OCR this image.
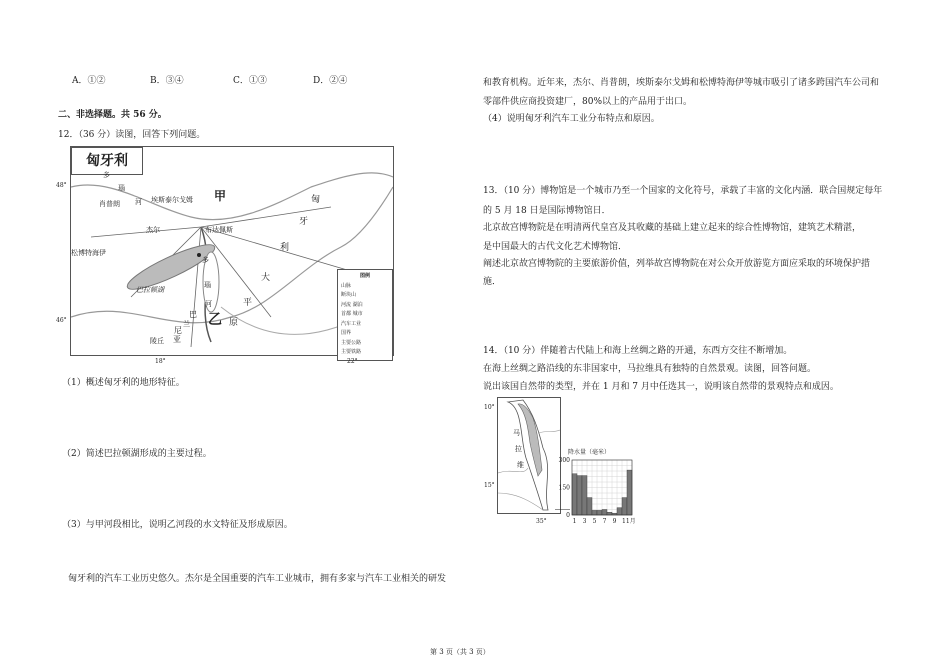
A．①②	B．③④	C．①③	D．②④
二、非选择题。共 56 分。
12．（36 分）读图，回答下列问题。
匈牙利
肖普朗	埃斯泰尔戈姆
杰尔	布达佩斯
松博特海伊
巴拉顿湖
甲
乙
多
瑙
河	匈
牙
利
大
平
原
巴
兰
尼
亚
陵丘
多
瑙
河
图例
山脉
断块山
河流 湖泊
首都 城市
汽车工业
国界
主要公路
主要铁路
48°
46°
18°	22°
（1）概述匈牙利的地形特征。
（2）简述巴拉顿湖形成的主要过程。
（3）与甲河段相比，说明乙河段的水文特征及形成原因。
匈牙利的汽车工业历史悠久。杰尔是全国重要的汽车工业城市，拥有多家与汽车工业相关的研发
和教育机构。近年来，杰尔、肖普朗，埃斯泰尔戈姆和松博特海伊等城市吸引了诸多跨国汽车公司和
零部件供应商投资建厂，80%以上的产品用于出口。
（4）说明匈牙利汽车工业分布特点和原因。
13．（10 分）博物馆是一个城市乃至一个国家的文化符号，承载了丰富的文化内涵．联合国规定每年
的 5 月 18 日是国际博物馆日．
北京故宫博物院是在明清两代皇宫及其收藏的基础上建立起来的综合性博物馆，建筑艺术精湛，
是中国最大的古代文化艺术博物馆．
阐述北京故宫博物院的主要旅游价值，列举故宫博物院在对公众开放游览方面应采取的环境保护措
施．
14．（10 分）伴随着古代陆上和海上丝绸之路的开通，东西方交往不断增加。
在海上丝绸之路沿线的东非国家中，马拉维具有独特的自然景观。读图，回答问题。
说出该国自然带的类型，并在 1 月和 7 月中任选其一，说明该自然带的景观特点和成因。
马
拉
维
10°
15°
35°
降水量（毫米）
300
150
0
1 3 5 7 9 11月
第 3 页（共 3 页）
